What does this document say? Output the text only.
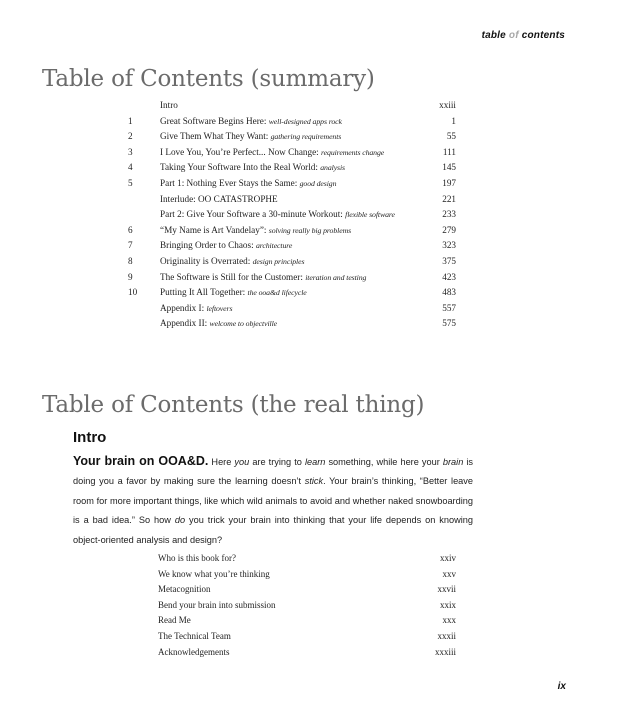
table of contents
Table of Contents (summary)
	Intro	xxiii
1	Great Software Begins Here: well-designed apps rock	1
2	Give Them What They Want: gathering requirements	55
3	I Love You, You’re Perfect... Now Change: requirements change	111
4	Taking Your Software Into the Real World: analysis	145
5	Part 1: Nothing Ever Stays the Same: good design	197
	Interlude: OO CATASTROPHE	221
	Part 2: Give Your Software a 30-minute Workout: flexible software	233
6	“My Name is Art Vandelay”: solving really big problems	279
7	Bringing Order to Chaos: architecture	323
8	Originality is Overrated: design principles	375
9	The Software is Still for the Customer: iteration and testing	423
10	Putting It All Together: the ooa&d lifecycle	483
	Appendix I: leftovers	557
	Appendix II: welcome to objectville	575
Table of Contents (the real thing)
Intro

Your brain on OOA&D. Here you are trying to learn something, while here your brain is doing you a favor by making sure the learning doesn’t stick. Your brain’s thinking, “Better leave room for more important things, like which wild animals to avoid and whether naked snowboarding is a bad idea.” So how do you trick your brain into thinking that your life depends on knowing object-oriented analysis and design?

Who is this book for?	xxiv
We know what you’re thinking	xxv
Metacognition	xxvii
Bend your brain into submission	xxix
Read Me	xxx
The Technical Team	xxxii
Acknowledgements	xxxiii
ix
